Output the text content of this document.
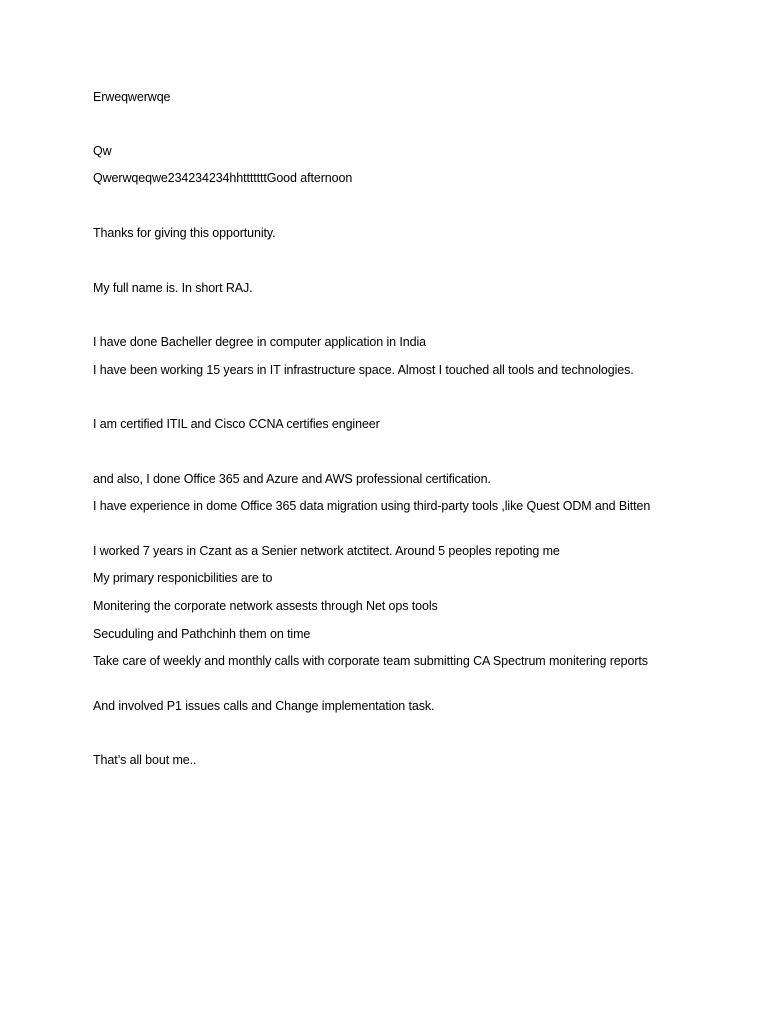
Erweqwerwqe
Qw
Qwerwqeqwe234234234hhtttttttGood afternoon
Thanks for giving this opportunity.
My full name is. In short RAJ.
I have done Bacheller degree in computer application in India
I have been working 15 years in IT infrastructure space. Almost I touched all tools and technologies.
I am certified ITIL and Cisco CCNA certifies engineer
and also, I done Office 365 and Azure and AWS professional certification.
I have experience in dome Office 365 data migration using third-party tools ,like Quest ODM and Bitten
I worked 7 years in Czant as a Senier network atctitect. Around 5 peoples repoting me
My primary responicbilities are to
Monitering the corporate network assests through Net ops tools
Secuduling and Pathchinh them on time
Take care of weekly and monthly calls with corporate team submitting CA Spectrum monitering reports
And involved P1 issues calls and Change implementation task.
That’s all bout me..
